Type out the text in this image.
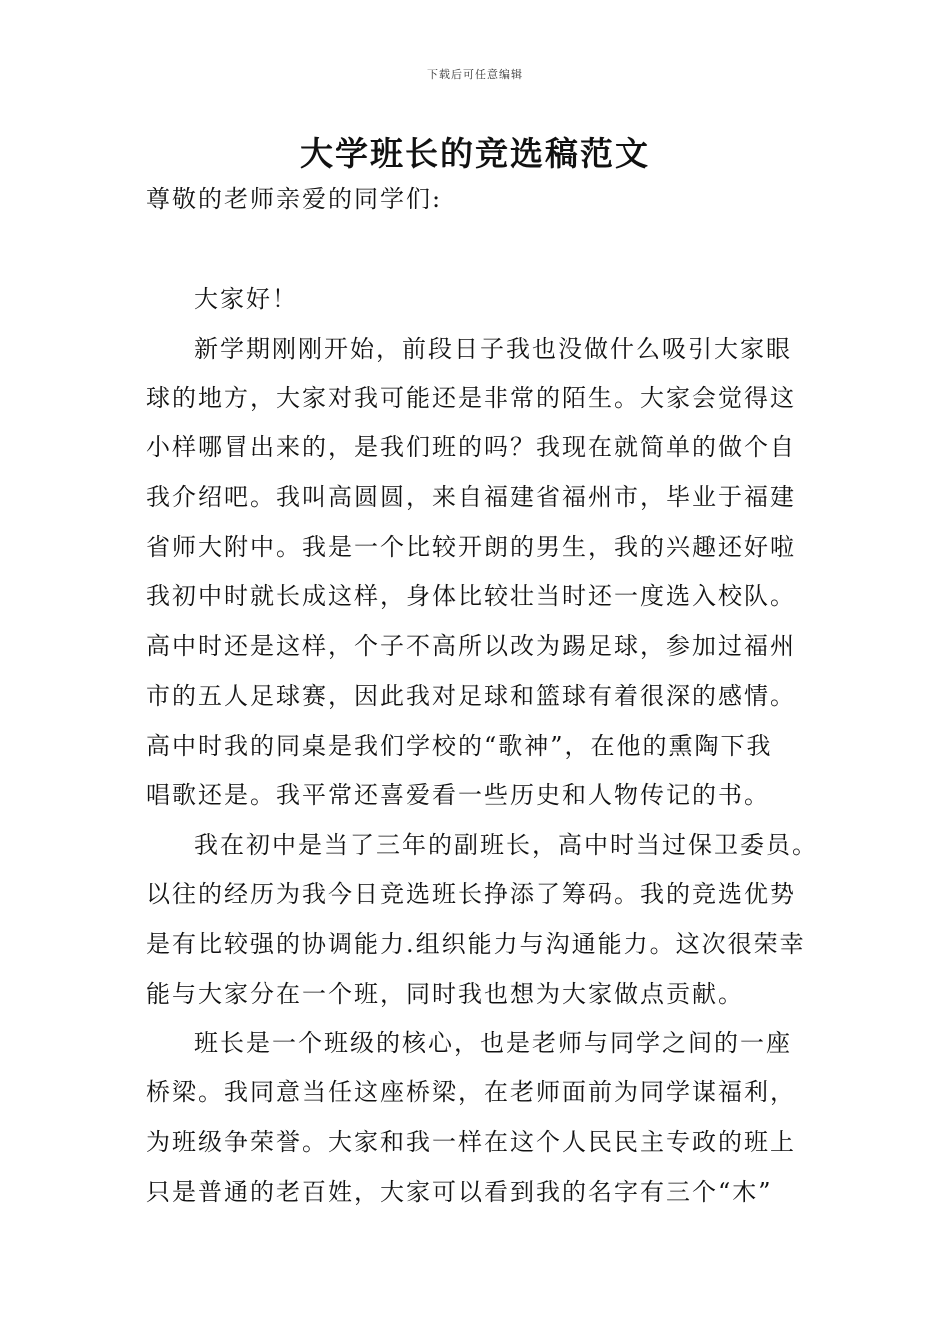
下载后可任意编辑
大学班长的竞选稿范文
尊敬的老师亲爱的同学们:
大家好！
新学期刚刚开始，前段日子我也没做什么吸引大家眼
球的地方，大家对我可能还是非常的陌生。大家会觉得这
小样哪冒出来的，是我们班的吗？我现在就简单的做个自
我介绍吧。我叫高圆圆，来自福建省福州市，毕业于福建
省师大附中。我是一个比较开朗的男生，我的兴趣还好啦
我初中时就长成这样，身体比较壮当时还一度选入校队。
高中时还是这样，个子不高所以改为踢足球，参加过福州
市的五人足球赛，因此我对足球和篮球有着很深的感情。
高中时我的同桌是我们学校的“歌神”，在他的熏陶下我
唱歌还是。我平常还喜爱看一些历史和人物传记的书。
我在初中是当了三年的副班长，高中时当过保卫委员。
以往的经历为我今日竞选班长挣添了筹码。我的竞选优势
是有比较强的协调能力.组织能力与沟通能力。这次很荣幸
能与大家分在一个班，同时我也想为大家做点贡献。
班长是一个班级的核心，也是老师与同学之间的一座
桥梁。我同意当任这座桥梁，在老师面前为同学谋福利，
为班级争荣誉。大家和我一样在这个人民民主专政的班上
只是普通的老百姓，大家可以看到我的名字有三个“木”
